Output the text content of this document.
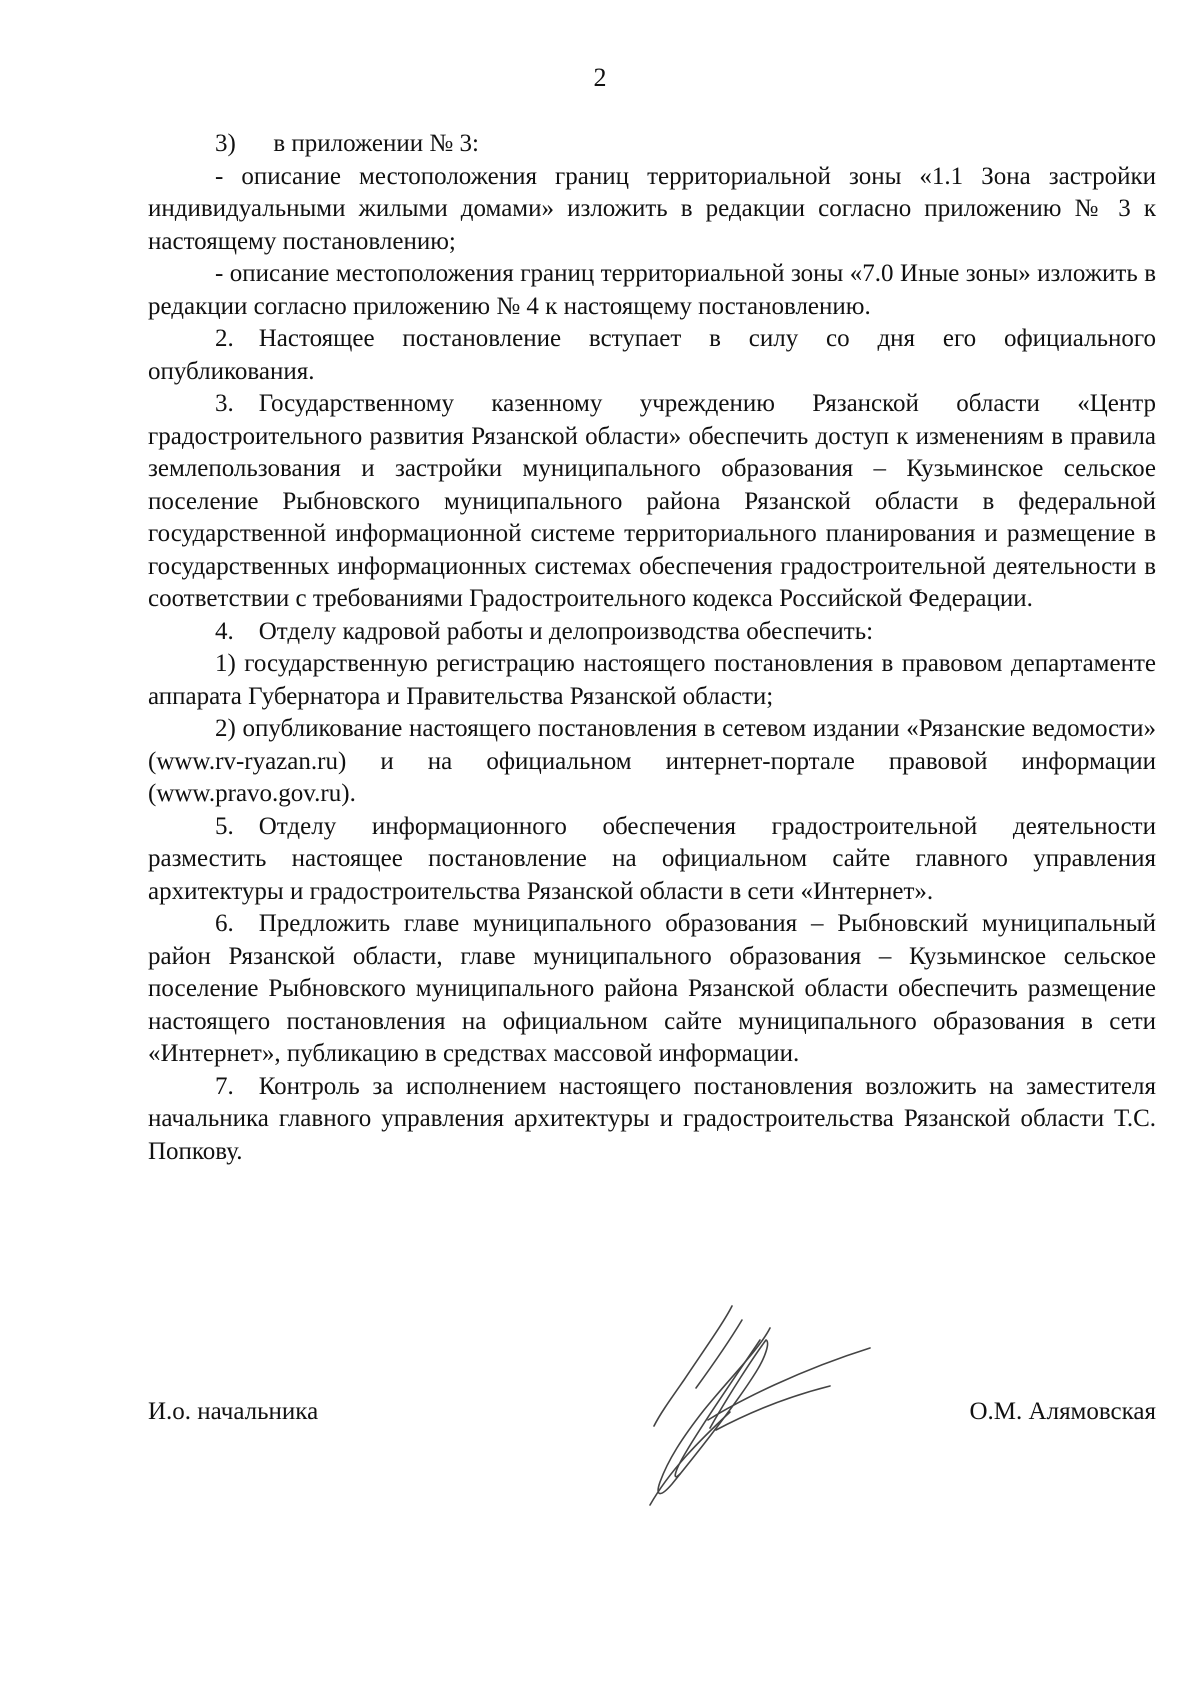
2

3)  в приложении № 3:

- описание местоположения границ территориальной зоны «1.1 Зона застройки индивидуальными жилыми домами» изложить в редакции согласно приложению № 3 к настоящему постановлению;

- описание местоположения границ территориальной зоны «7.0 Иные зоны» изложить в редакции согласно приложению № 4 к настоящему постановлению.

2. Настоящее постановление вступает в силу со дня его официального опубликования.

3. Государственному казенному учреждению Рязанской области «Центр градостроительного развития Рязанской области» обеспечить доступ к изменениям в правила землепользования и застройки муниципального образования – Кузьминское сельское поселение Рыбновского муниципального района Рязанской области в федеральной государственной информационной системе территориального планирования и размещение в государственных информационных системах обеспечения градостроительной деятельности в соответствии с требованиями Градостроительного кодекса Российской Федерации.

4. Отделу кадровой работы и делопроизводства обеспечить:

1) государственную регистрацию настоящего постановления в правовом департаменте аппарата Губернатора и Правительства Рязанской области;

2) опубликование настоящего постановления в сетевом издании «Рязанские ведомости» (www.rv-ryazan.ru) и на официальном интернет-портале правовой информации (www.pravo.gov.ru).

5. Отделу информационного обеспечения градостроительной деятельности разместить настоящее постановление на официальном сайте главного управления архитектуры и градостроительства Рязанской области в сети «Интернет».

6. Предложить главе муниципального образования – Рыбновский муниципальный район Рязанской области, главе муниципального образования – Кузьминское сельское поселение Рыбновского муниципального района Рязанской области обеспечить размещение настоящего постановления на официальном сайте муниципального образования в сети «Интернет», публикацию в средствах массовой информации.

7. Контроль за исполнением настоящего постановления возложить на заместителя начальника главного управления архитектуры и градостроительства Рязанской области Т.С. Попкову.

И.о. начальника	О.М. Алямовская
